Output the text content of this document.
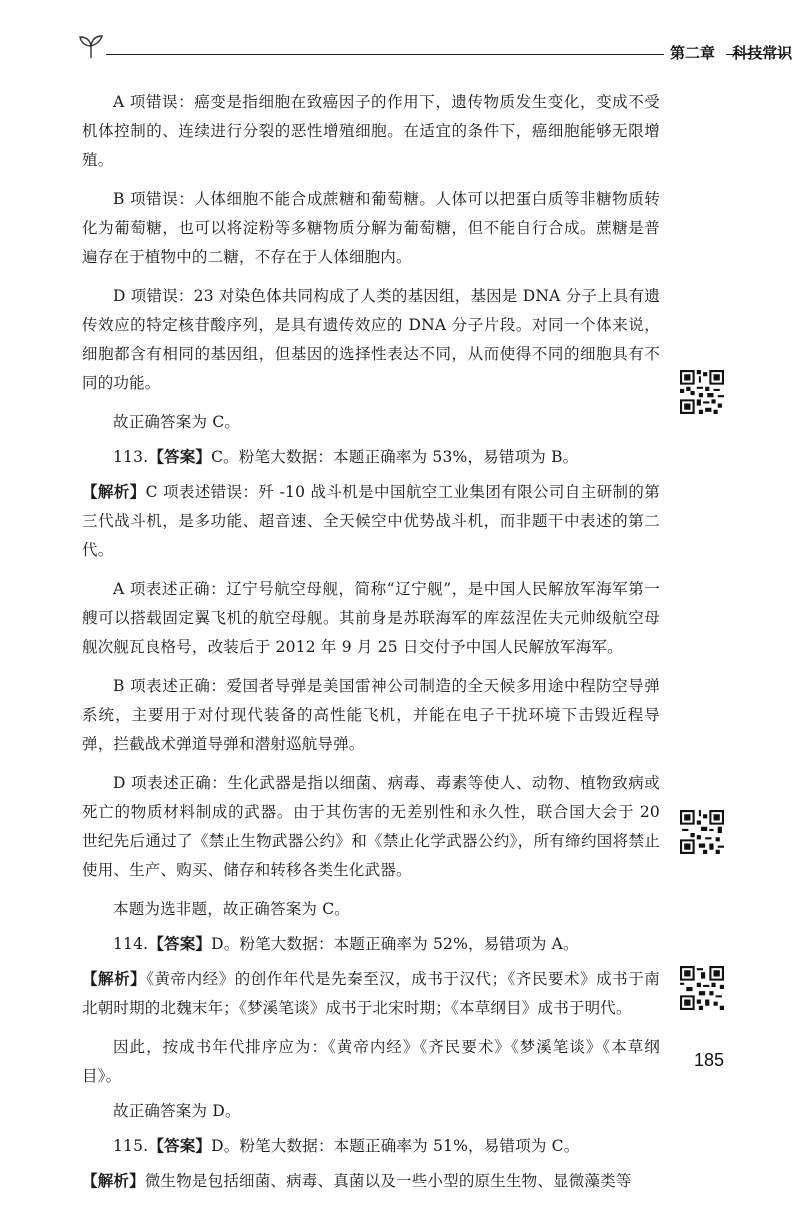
第二章 科技常识

A 项错误：癌变是指细胞在致癌因子的作用下，遗传物质发生变化，变成不受机体控制的、连续进行分裂的恶性增殖细胞。在适宜的条件下，癌细胞能够无限增殖。

B 项错误：人体细胞不能合成蔗糖和葡萄糖。人体可以把蛋白质等非糖物质转化为葡萄糖，也可以将淀粉等多糖物质分解为葡萄糖，但不能自行合成。蔗糖是普遍存在于植物中的二糖，不存在于人体细胞内。

D 项错误：23 对染色体共同构成了人类的基因组，基因是 DNA 分子上具有遗传效应的特定核苷酸序列，是具有遗传效应的 DNA 分子片段。对同一个体来说，细胞都含有相同的基因组，但基因的选择性表达不同，从而使得不同的细胞具有不同的功能。

故正确答案为 C。

113.【答案】C。粉笔大数据：本题正确率为 53%，易错项为 B。

【解析】C 项表述错误：歼 -10 战斗机是中国航空工业集团有限公司自主研制的第三代战斗机，是多功能、超音速、全天候空中优势战斗机，而非题干中表述的第二代。

A 项表述正确：辽宁号航空母舰，简称“辽宁舰”，是中国人民解放军海军第一艘可以搭载固定翼飞机的航空母舰。其前身是苏联海军的库兹涅佐夫元帅级航空母舰次舰瓦良格号，改装后于 2012 年 9 月 25 日交付予中国人民解放军海军。

B 项表述正确：爱国者导弹是美国雷神公司制造的全天候多用途中程防空导弹系统，主要用于对付现代装备的高性能飞机，并能在电子干扰环境下击毁近程导弹，拦截战术弹道导弹和潜射巡航导弹。

D 项表述正确：生化武器是指以细菌、病毒、毒素等使人、动物、植物致病或死亡的物质材料制成的武器。由于其伤害的无差别性和永久性，联合国大会于 20 世纪先后通过了《禁止生物武器公约》和《禁止化学武器公约》，所有缔约国将禁止使用、生产、购买、储存和转移各类生化武器。

本题为选非题，故正确答案为 C。

114.【答案】D。粉笔大数据：本题正确率为 52%，易错项为 A。

【解析】《黄帝内经》的创作年代是先秦至汉，成书于汉代；《齐民要术》成书于南北朝时期的北魏末年；《梦溪笔谈》成书于北宋时期；《本草纲目》成书于明代。

因此，按成书年代排序应为：《黄帝内经》《齐民要术》《梦溪笔谈》《本草纲目》。

故正确答案为 D。

115.【答案】D。粉笔大数据：本题正确率为 51%，易错项为 C。

【解析】微生物是包括细菌、病毒、真菌以及一些小型的原生生物、显微藻类等

185
